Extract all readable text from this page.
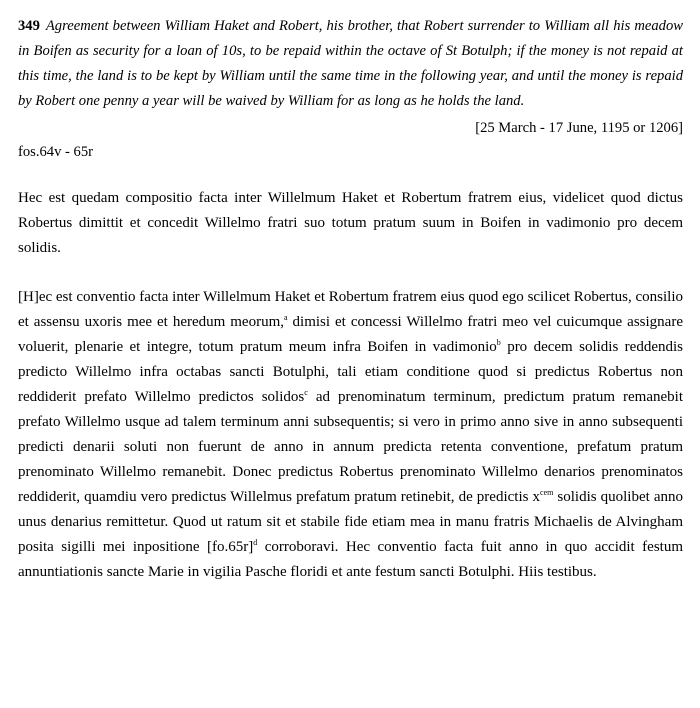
349 Agreement between William Haket and Robert, his brother, that Robert surrender to William all his meadow in Boifen as security for a loan of 10s, to be repaid within the octave of St Botulph; if the money is not repaid at this time, the land is to be kept by William until the same time in the following year, and until the money is repaid by Robert one penny a year will be waived by William for as long as he holds the land.

[25 March - 17 June, 1195 or 1206]

fos.64v - 65r

Hec est quedam compositio facta inter Willelmum Haket et Robertum fratrem eius, videlicet quod dictus Robertus dimittit et concedit Willelmo fratri suo totum pratum suum in Boifen in vadimonio pro decem solidis.

[H]ec est conventio facta inter Willelmum Haket et Robertum fratrem eius quod ego scilicet Robertus, consilio et assensu uxoris mee et heredum meorum,$^a$ dimisi et concessi Willelmo fratri meo vel cuicumque assignare voluerit, plenarie et integre, totum pratum meum infra Boifen in vadimonio$^b$ pro decem solidis reddendis predicto Willelmo infra octabas sancti Botulphi, tali etiam conditione quod si predictus Robertus non reddiderit prefato Willelmo predictos solidos$^c$ ad prenominatum terminum, predictum pratum remanebit prefato Willelmo usque ad talem terminum anni subsequentis; si vero in primo anno sive in anno subsequenti predicti denarii soluti non fuerunt de anno in annum predicta retenta conventione, prefatum pratum prenominato Willelmo remanebit. Donec predictus Robertus prenominato Willelmo denarios prenominatos reddiderit, quamdiu vero predictus Willelmus prefatum pratum retinebit, de predictis $x^{cem}$ solidis quolibet anno unus denarius remittetur. Quod ut ratum sit et stabile fide etiam mea in manu fratris Michaelis de Alvingham posita sigilli mei inpositione $[fo.65r]^d$ corroboravi. Hec conventio facta fuit anno in quo accidit festum annuntiationis sancte Marie in vigilia Pasche floridi et ante festum sancti Botulphi. Hiis testibus.
